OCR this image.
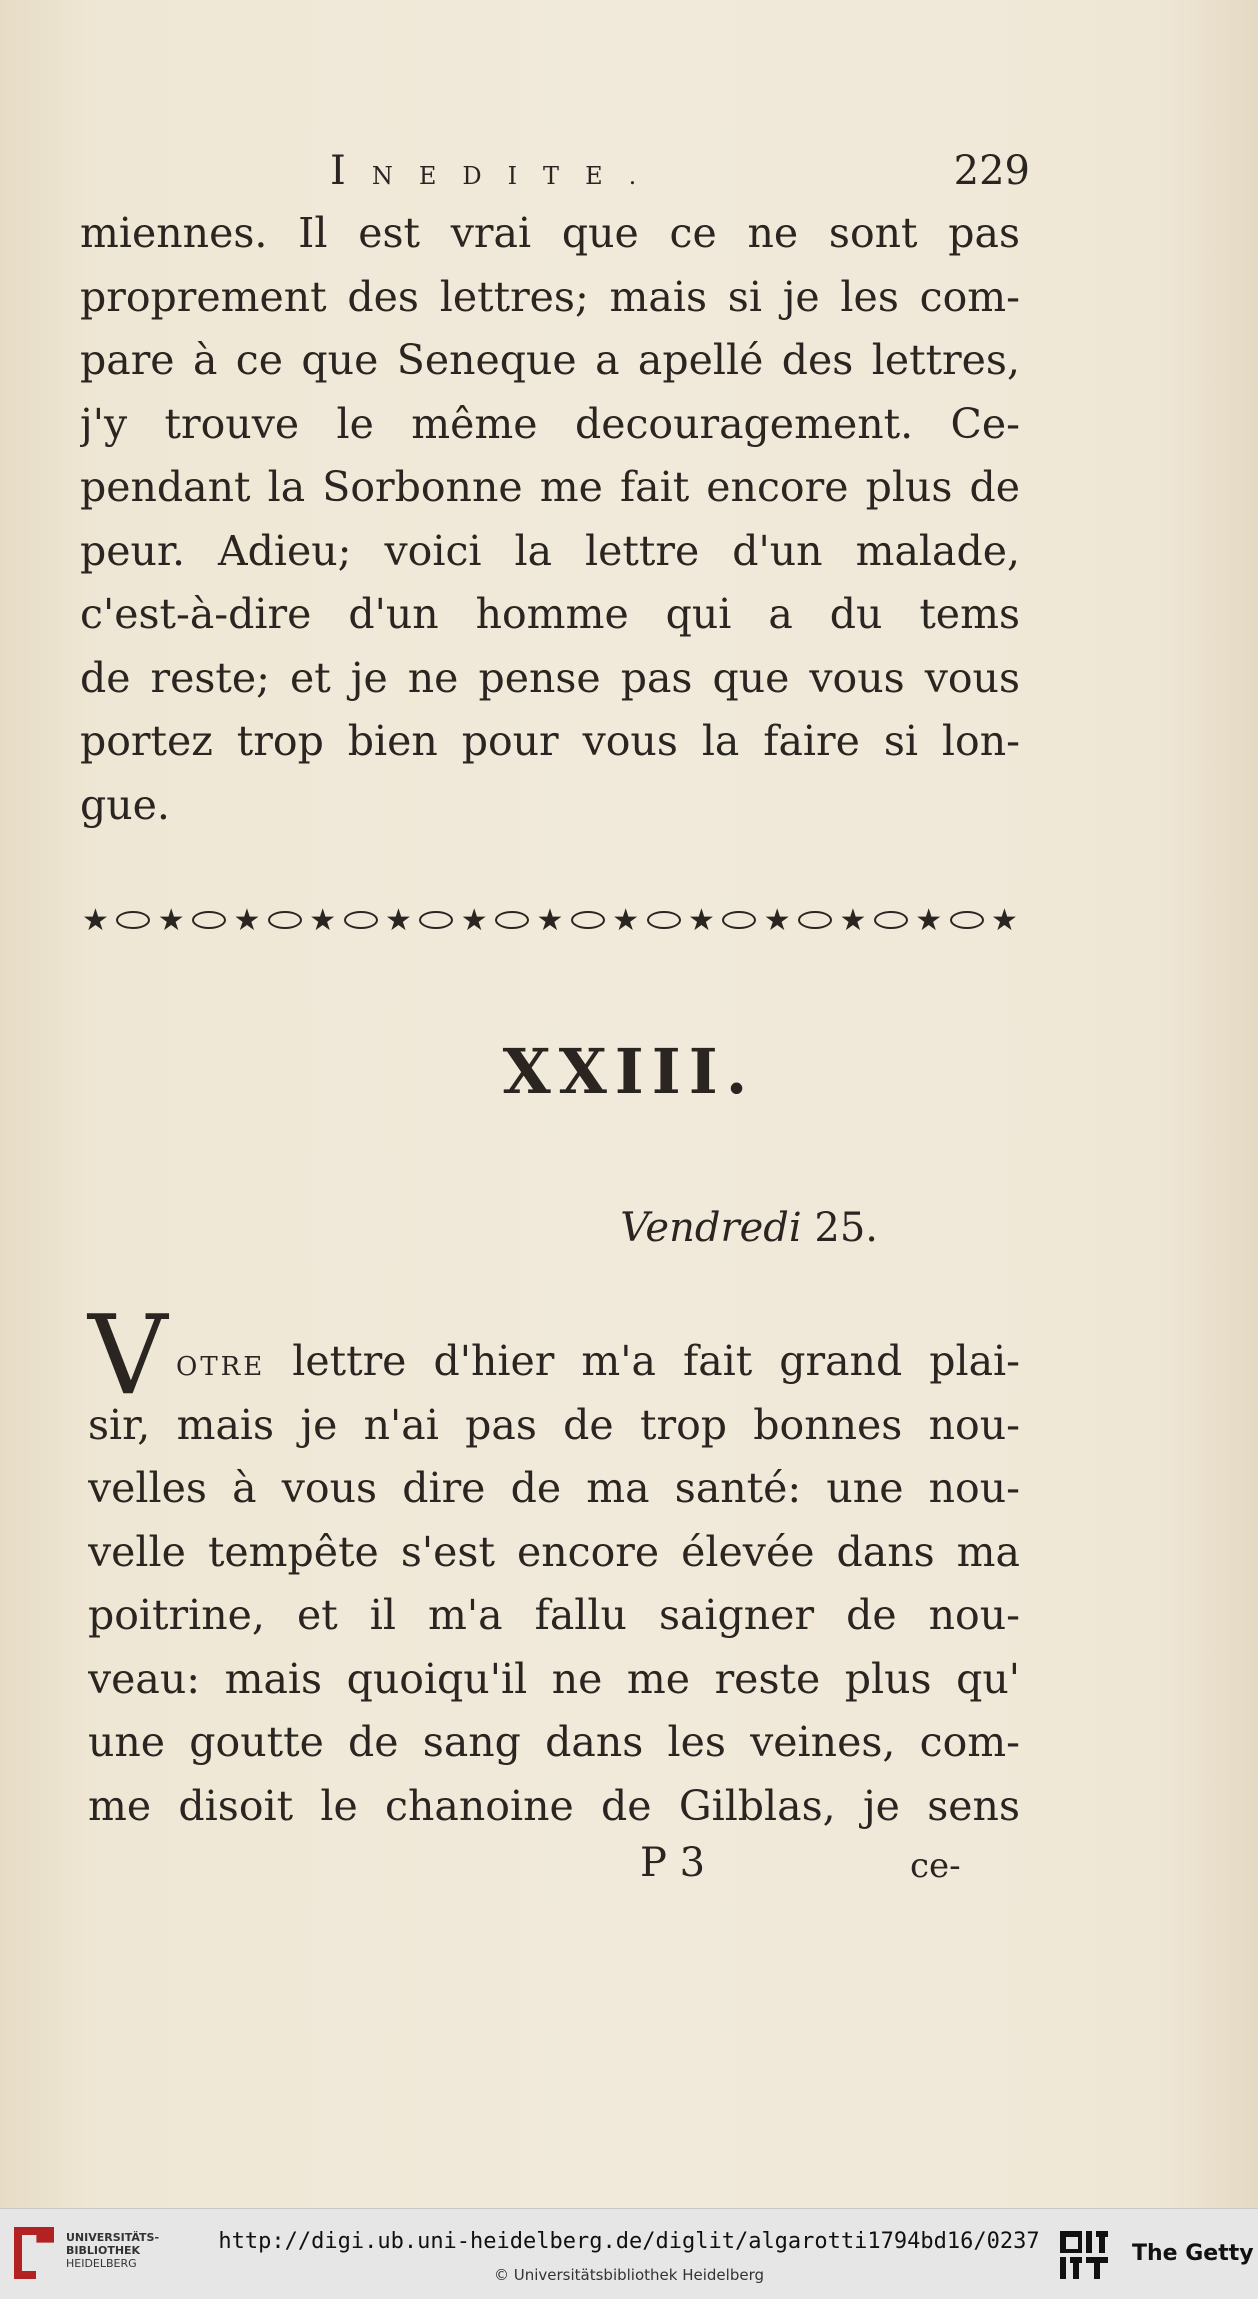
INEDITE.	229
miennes. Il est vrai que ce ne sont pas
proprement des lettres; mais si je les com-
pare à ce que Seneque a apellé des lettres,
j'y trouve le même decouragement. Ce-
pendant la Sorbonne me fait encore plus de
peur. Adieu; voici la lettre d'un malade,
c'est-à-dire d'un homme qui a du tems
de reste; et je ne pense pas que vous vous
portez trop bien pour vous la faire si lon-
gue.
★ ★ ★ ★ ★ ★ ★ ★ ★ ★ ★ ★ ★
XXIII.
Vendredi 25.
V OTRE lettre d'hier m'a fait grand plai-
sir, mais je n'ai pas de trop bonnes nou-
velles à vous dire de ma santé: une nou-
velle tempête s'est encore élevée dans ma
poitrine, et il m'a fallu saigner de nou-
veau: mais quoiqu'il ne me reste plus qu'
une goutte de sang dans les veines, com-
me disoit le chanoine de Gilblas, je sens
P 3	ce-
UNIVERSITÄTS-
BIBLIOTHEK
HEIDELBERG
http://digi.ub.uni-heidelberg.de/diglit/algarotti1794bd16/0237
© Universitätsbibliothek Heidelberg
The Getty
